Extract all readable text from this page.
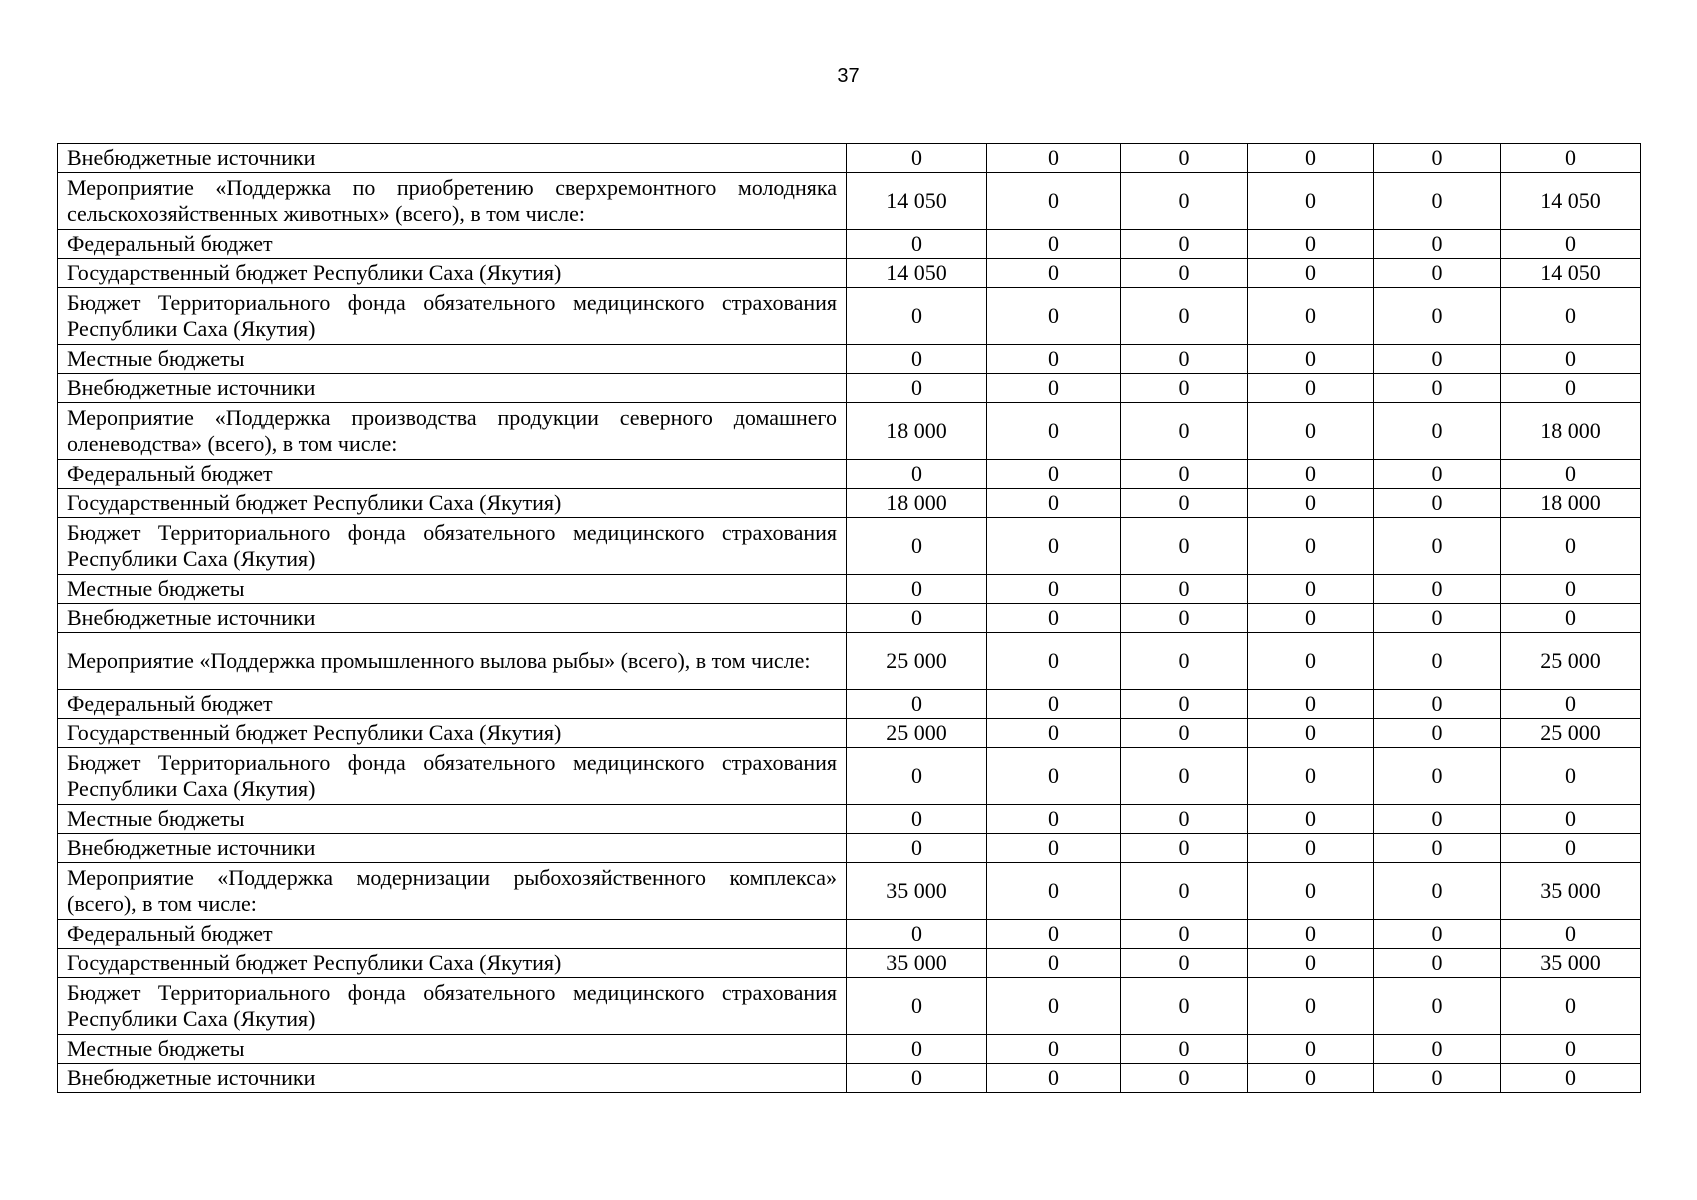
37
Внебюджетные источники	0	0	0	0	0	0
Мероприятие «Поддержка по приобретению сверхремонтного молодняка сельскохозяйственных животных» (всего), в том числе:	14 050	0	0	0	0	14 050
Федеральный бюджет	0	0	0	0	0	0
Государственный бюджет Республики Саха (Якутия)	14 050	0	0	0	0	14 050
Бюджет Территориального фонда обязательного медицинского страхования Республики Саха (Якутия)	0	0	0	0	0	0
Местные бюджеты	0	0	0	0	0	0
Внебюджетные источники	0	0	0	0	0	0
Мероприятие «Поддержка производства продукции северного домашнего оленеводства» (всего), в том числе:	18 000	0	0	0	0	18 000
Федеральный бюджет	0	0	0	0	0	0
Государственный бюджет Республики Саха (Якутия)	18 000	0	0	0	0	18 000
Бюджет Территориального фонда обязательного медицинского страхования Республики Саха (Якутия)	0	0	0	0	0	0
Местные бюджеты	0	0	0	0	0	0
Внебюджетные источники	0	0	0	0	0	0
Мероприятие «Поддержка промышленного вылова рыбы» (всего), в том числе:	25 000	0	0	0	0	25 000
Федеральный бюджет	0	0	0	0	0	0
Государственный бюджет Республики Саха (Якутия)	25 000	0	0	0	0	25 000
Бюджет Территориального фонда обязательного медицинского страхования Республики Саха (Якутия)	0	0	0	0	0	0
Местные бюджеты	0	0	0	0	0	0
Внебюджетные источники	0	0	0	0	0	0
Мероприятие «Поддержка модернизации рыбохозяйственного комплекса» (всего), в том числе:	35 000	0	0	0	0	35 000
Федеральный бюджет	0	0	0	0	0	0
Государственный бюджет Республики Саха (Якутия)	35 000	0	0	0	0	35 000
Бюджет Территориального фонда обязательного медицинского страхования Республики Саха (Якутия)	0	0	0	0	0	0
Местные бюджеты	0	0	0	0	0	0
Внебюджетные источники	0	0	0	0	0	0
